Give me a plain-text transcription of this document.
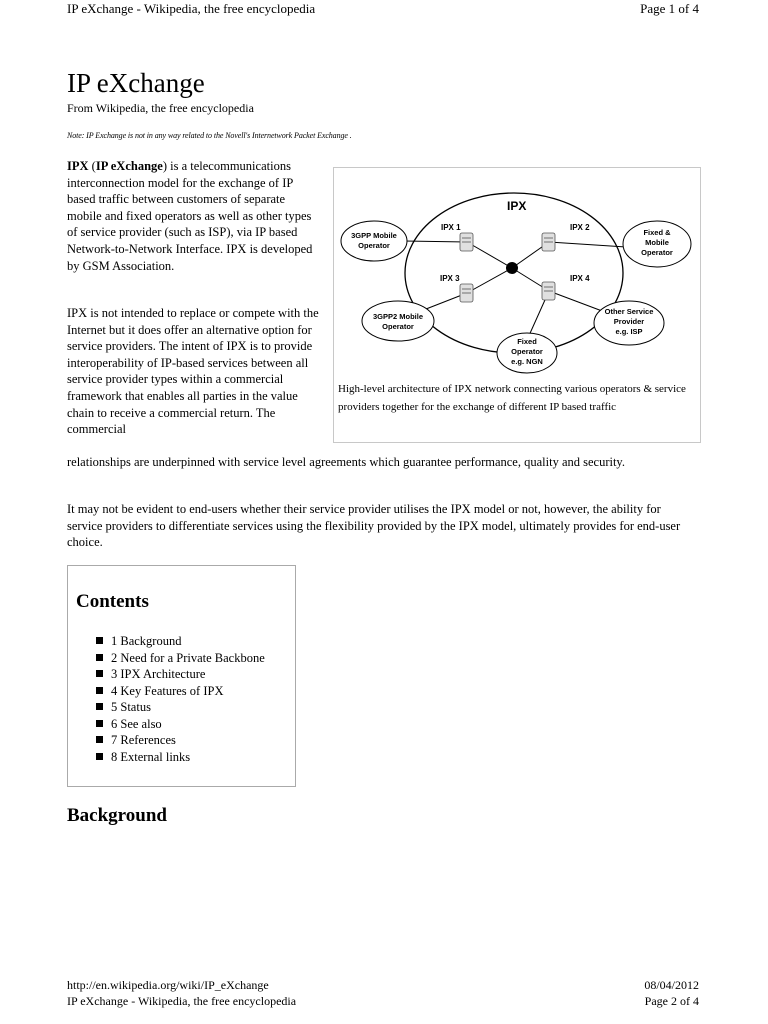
IP eXchange - Wikipedia, the free encyclopedia	Page 1 of 4
IP eXchange
From Wikipedia, the free encyclopedia
Note: IP Exchange is not in any way related to the Novell's Internetwork Packet Exchange .

IPX (IP eXchange) is a telecommunications interconnection model for the exchange of IP based traffic between customers of separate mobile and fixed operators as well as other types of service provider (such as ISP), via IP based Network-to-Network Interface. IPX is developed by GSM Association.

IPX is not intended to replace or compete with the Internet but it does offer an alternative option for service providers. The intent of IPX is to provide interoperability of IP-based services between all service provider types within a commercial framework that enables all parties in the value chain to receive a commercial return. The commercial

relationships are underpinned with service level agreements which guarantee performance, quality and security.

It may not be evident to end-users whether their service provider utilises the IPX model or not, however, the ability for service providers to differentiate services using the flexibility provided by the IPX model, ultimately provides for end-user choice.

IPX
IPX 1	IPX 2
IPX 3	IPX 4
3GPP Mobile
Operator
Fixed &
Mobile
Operator
3GPP2 Mobile
Operator
Other Service
Provider
e.g. ISP
Fixed
Operator
e.g. NGN
High-level architecture of IPX network connecting various operators & service providers together for the exchange of different IP based traffic
Contents
1 Background
2 Need for a Private Backbone
3 IPX Architecture
4 Key Features of IPX
5 Status
6 See also
7 References
8 External links
Background
http://en.wikipedia.org/wiki/IP_eXchange	08/04/2012
IP eXchange - Wikipedia, the free encyclopedia	Page 2 of 4
